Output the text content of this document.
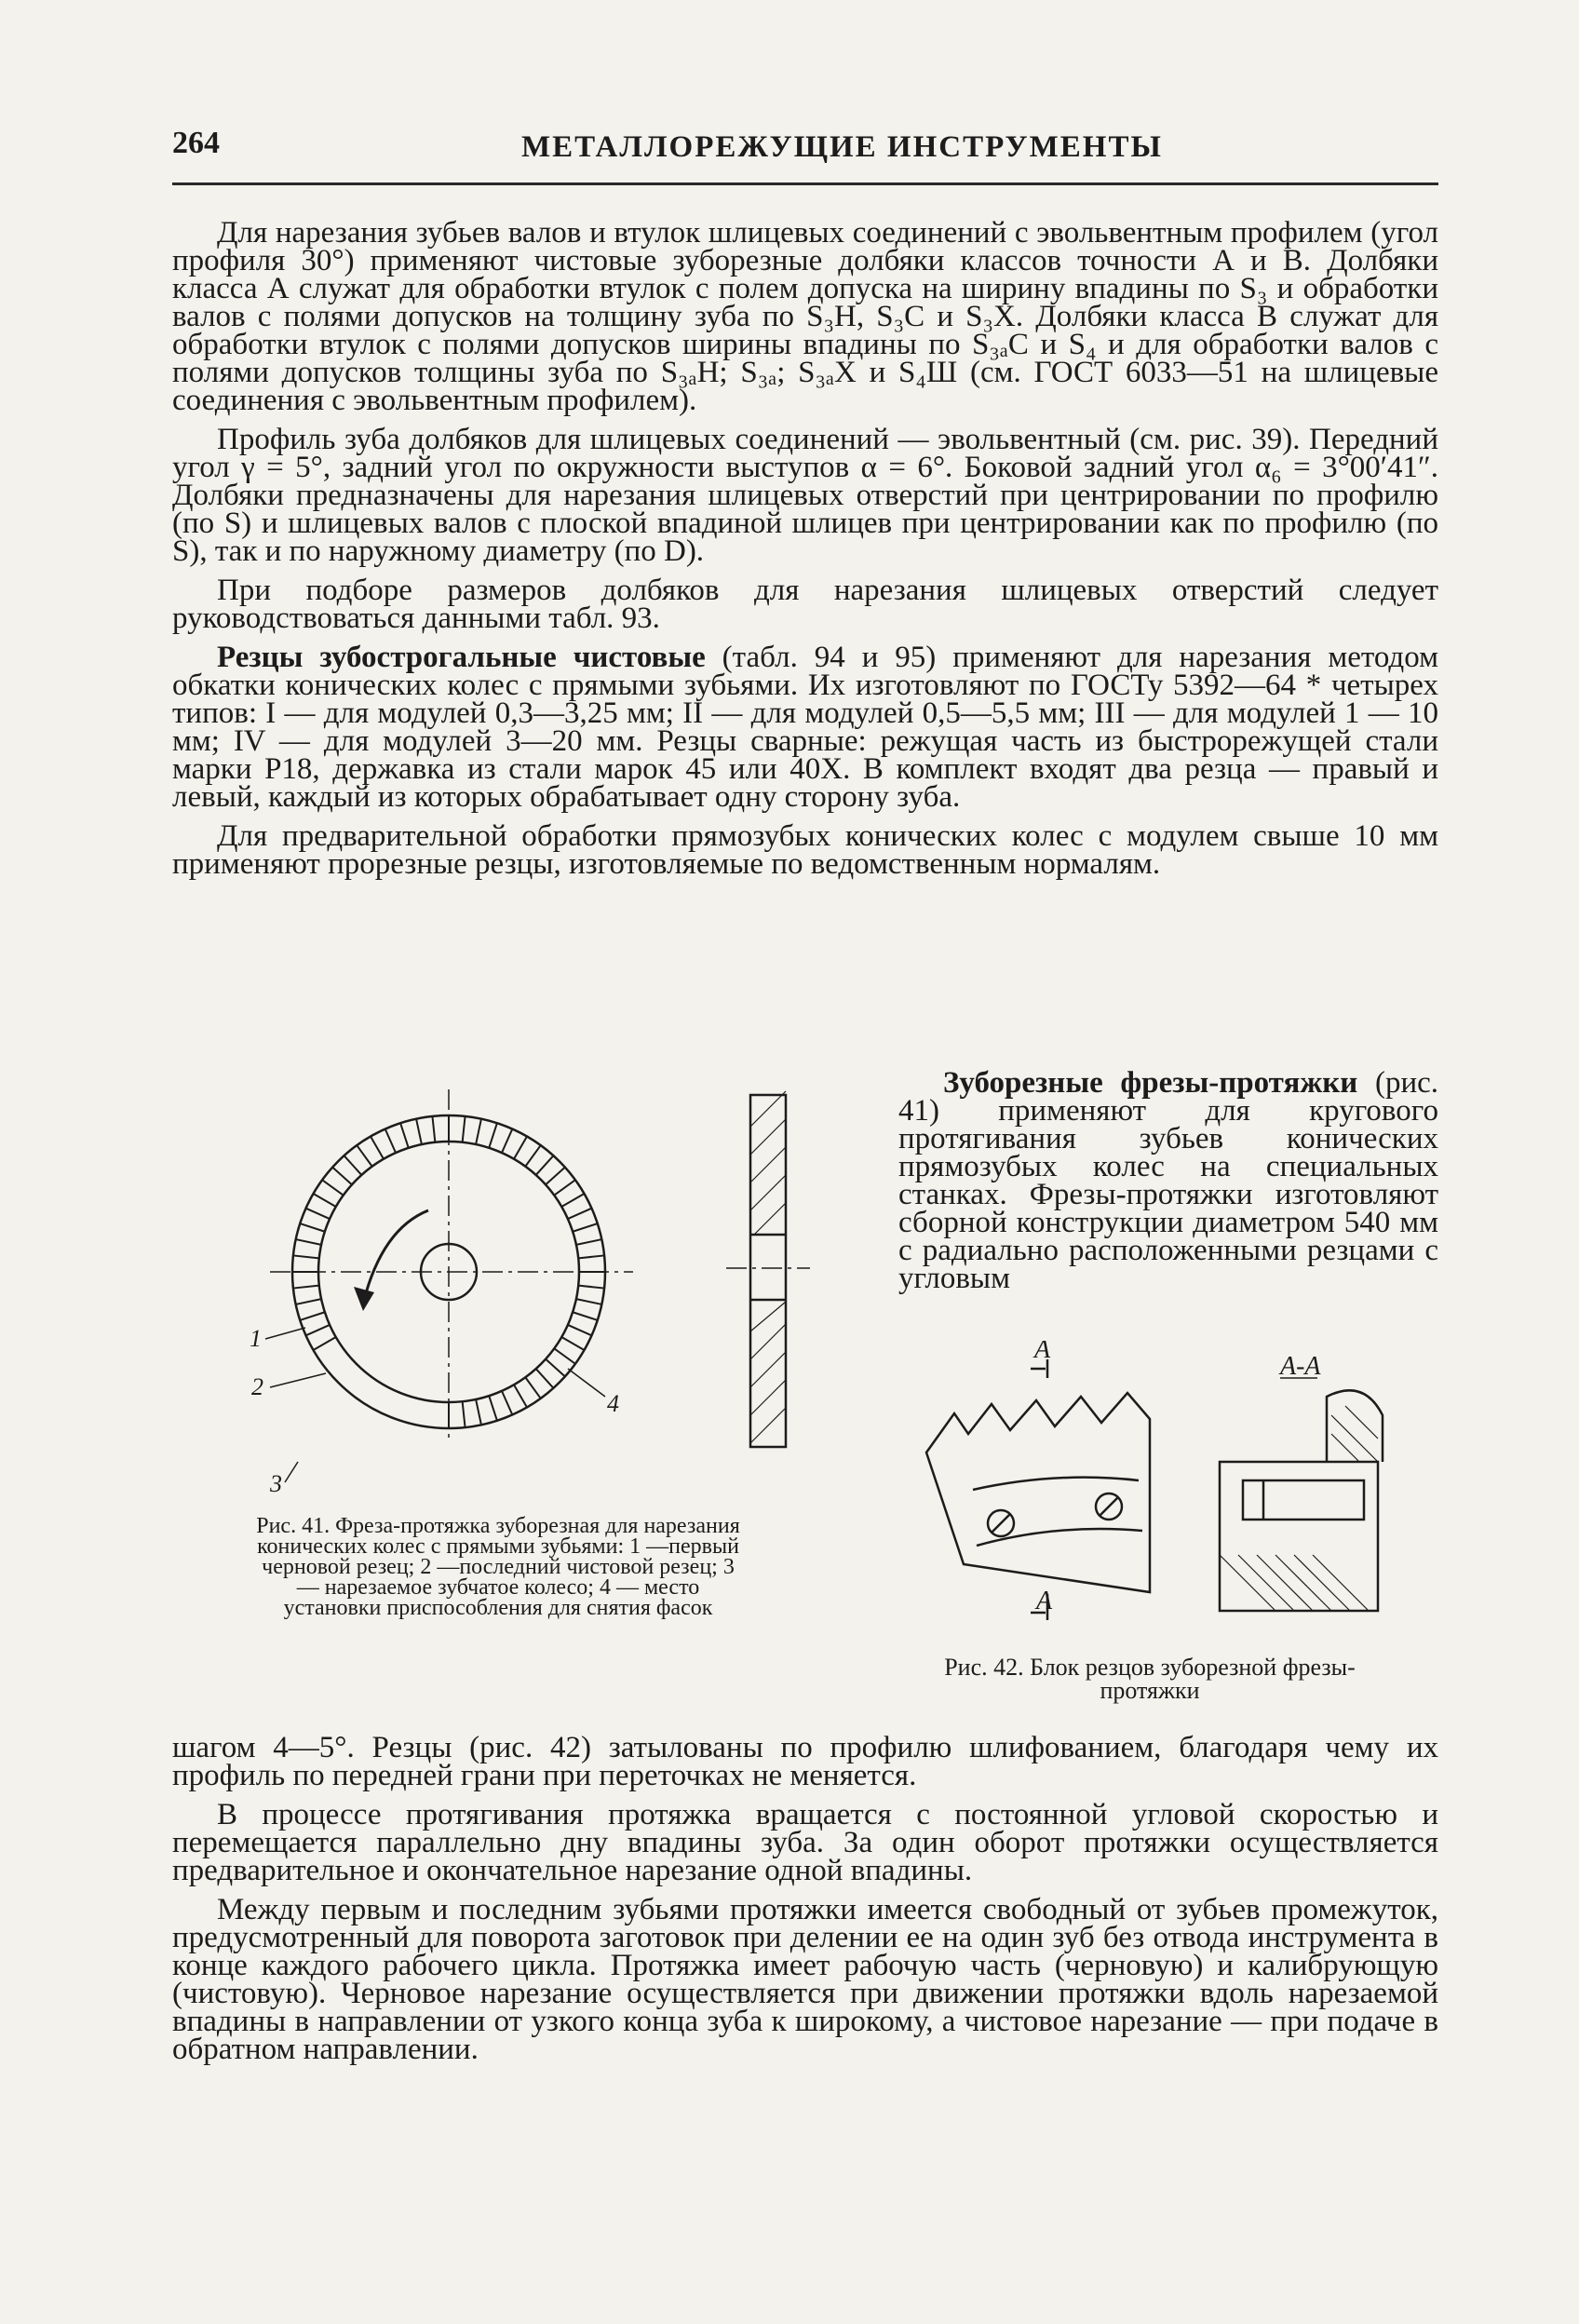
264	МЕТАЛЛОРЕЖУЩИЕ ИНСТРУМЕНТЫ

Для нарезания зубьев валов и втулок шлицевых соединений с эвольвентным профилем (угол профиля 30°) применяют чистовые зуборезные долбяки классов точности А и В. Долбяки класса А служат для обработки втулок с полем допуска на ширину впадины по S₃ и обработки валов с полями допусков на толщину зуба по S₃H, S₃C и S₃X. Долбяки класса В служат для обработки втулок с полями допусков ширины впадины по S₃ₐC и S₄ и для обработки валов с полями допусков толщины зуба по S₃ₐH; S₃ₐ; S₃ₐX и S₄Ш (см. ГОСТ 6033—51 на шлицевые соединения с эвольвентным профилем).

Профиль зуба долбяков для шлицевых соединений — эвольвентный (см. рис. 39). Передний угол γ = 5°, задний угол по окружности выступов α = 6°. Боковой задний угол α₆ = 3°00′41″. Долбяки предназначены для нарезания шлицевых отверстий при центрировании по профилю (по S) и шлицевых валов с плоской впадиной шлицев при центрировании как по профилю (по S), так и по наружному диаметру (по D).

При подборе размеров долбяков для нарезания шлицевых отверстий следует руководствоваться данными табл. 93.

Резцы зубострогальные чистовые (табл. 94 и 95) применяют для нарезания методом обкатки конических колес с прямыми зубьями. Их изготовляют по ГОСТу 5392—64 * четырех типов: I — для модулей 0,3—3,25 мм; II — для модулей 0,5—5,5 мм; III — для модулей 1 — 10 мм; IV — для модулей 3—20 мм. Резцы сварные: режущая часть из быстрорежущей стали марки Р18, державка из стали марок 45 или 40Х. В комплект входят два резца — правый и левый, каждый из которых обрабатывает одну сторону зуба.

Для предварительной обработки прямозубых конических колес с модулем свыше 10 мм применяют прорезные резцы, изготовляемые по ведомственным нормалям.

Зуборезные фрезы-протяжки (рис. 41) применяют для кругового протягивания зубьев конических прямозубых колес на специальных станках. Фрезы-протяжки изготовляют сборной конструкции диаметром 540 мм с радиально расположенными резцами с угловым

1
2
3
4
Рис. 41. Фреза-протяжка зуборезная для нарезания конических колес с прямыми зубьями: 1 —первый черновой резец; 2 —последний чистовой резец; 3 — нарезаемое зубчатое колесо; 4 — место установки приспособления для снятия фасок
А
А
А-А
Рис. 42. Блок резцов зуборезной фрезы-протяжки

шагом 4—5°. Резцы (рис. 42) затылованы по профилю шлифованием, благодаря чему их профиль по передней грани при переточках не меняется.

В процессе протягивания протяжка вращается с постоянной угловой скоростью и перемещается параллельно дну впадины зуба. За один оборот протяжки осуществляется предварительное и окончательное нарезание одной впадины.

Между первым и последним зубьями протяжки имеется свободный от зубьев промежуток, предусмотренный для поворота заготовок при делении ее на один зуб без отвода инструмента в конце каждого рабочего цикла. Протяжка имеет рабочую часть (черновую) и калибрующую (чистовую). Черновое нарезание осуществляется при движении протяжки вдоль нарезаемой впадины в направлении от узкого конца зуба к широкому, а чистовое нарезание — при подаче в обратном направлении.
